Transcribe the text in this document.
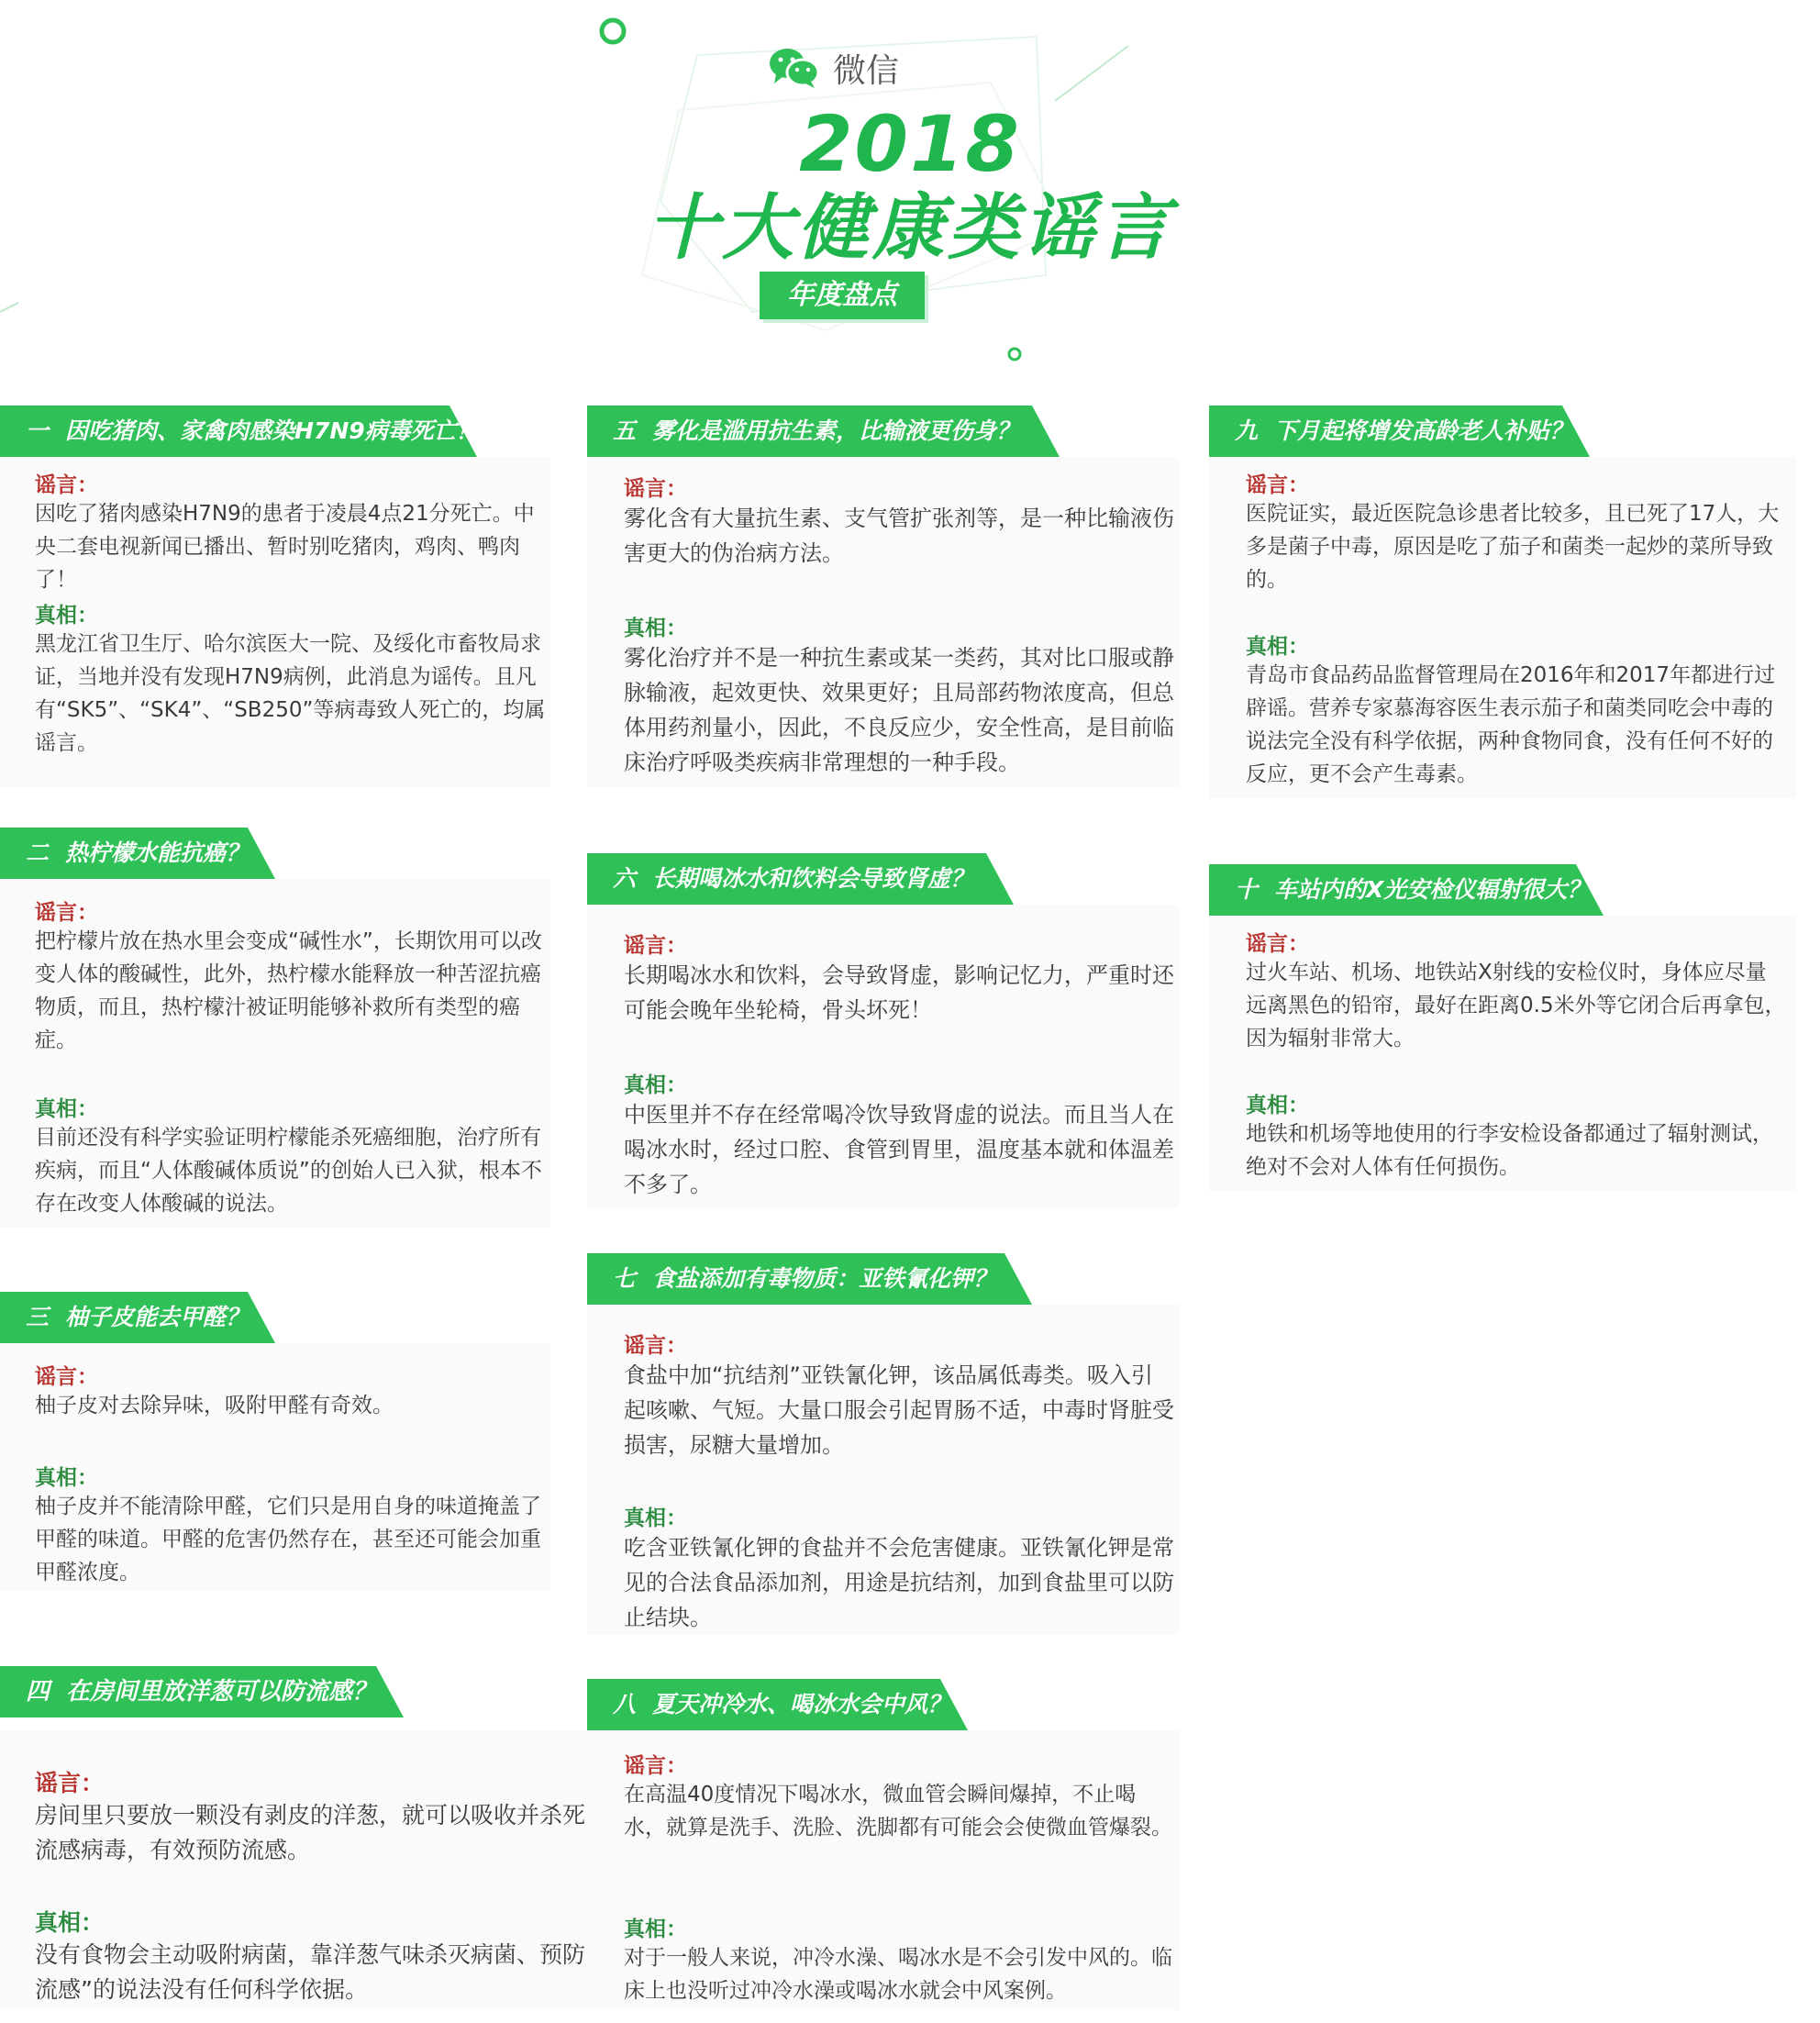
微信
2018
十大健康类谣言
年度盘点
一 因吃猪肉、家禽肉感染H7N9病毒死亡？
谣言：
因吃了猪肉感染H7N9的患者于凌晨4点21分死亡。中央二套电视新闻已播出、暂时别吃猪肉，鸡肉、鸭肉了！
真相：
黑龙江省卫生厅、哈尔滨医大一院、及绥化市畜牧局求证，当地并没有发现H7N9病例，此消息为谣传。且凡有“SK5”、“SK4”、“SB250”等病毒致人死亡的，均属谣言。
二 热柠檬水能抗癌？
谣言：
把柠檬片放在热水里会变成“碱性水”，长期饮用可以改变人体的酸碱性，此外，热柠檬水能释放一种苦涩抗癌物质，而且，热柠檬汁被证明能够补救所有类型的癌症。
真相：
目前还没有科学实验证明柠檬能杀死癌细胞，治疗所有疾病，而且“人体酸碱体质说”的创始人已入狱，根本不存在改变人体酸碱的说法。
三 柚子皮能去甲醛？
谣言：
柚子皮对去除异味，吸附甲醛有奇效。
真相：
柚子皮并不能清除甲醛，它们只是用自身的味道掩盖了甲醛的味道。甲醛的危害仍然存在，甚至还可能会加重甲醛浓度。
四 在房间里放洋葱可以防流感？
谣言：
房间里只要放一颗没有剥皮的洋葱，就可以吸收并杀死流感病毒，有效预防流感。
真相：
没有食物会主动吸附病菌，靠洋葱气味杀灭病菌、预防流感”的说法没有任何科学依据。
五 雾化是滥用抗生素，比输液更伤身？
谣言：
雾化含有大量抗生素、支气管扩张剂等，是一种比输液伤害更大的伪治病方法。
真相：
雾化治疗并不是一种抗生素或某一类药，其对比口服或静脉输液，起效更快、效果更好；且局部药物浓度高，但总体用药剂量小，因此，不良反应少，安全性高，是目前临床治疗呼吸类疾病非常理想的一种手段。
六 长期喝冰水和饮料会导致肾虚？
谣言：
长期喝冰水和饮料，会导致肾虚，影响记忆力，严重时还可能会晚年坐轮椅，骨头坏死！
真相：
中医里并不存在经常喝冷饮导致肾虚的说法。而且当人在喝冰水时，经过口腔、食管到胃里，温度基本就和体温差不多了。
七 食盐添加有毒物质：亚铁氰化钾？
谣言：
食盐中加“抗结剂”亚铁氰化钾，该品属低毒类。吸入引起咳嗽、气短。大量口服会引起胃肠不适，中毒时肾脏受损害，尿糖大量增加。
真相：
吃含亚铁氰化钾的食盐并不会危害健康。亚铁氰化钾是常见的合法食品添加剂，用途是抗结剂，加到食盐里可以防止结块。
八 夏天冲冷水、喝冰水会中风？
谣言：
在高温40度情况下喝冰水，微血管会瞬间爆掉，不止喝水，就算是洗手、洗脸、洗脚都有可能会会使微血管爆裂。
真相：
对于一般人来说，冲冷水澡、喝冰水是不会引发中风的。临床上也没听过冲冷水澡或喝冰水就会中风案例。
九 下月起将增发高龄老人补贴？
谣言：
医院证实，最近医院急诊患者比较多，且已死了17人，大多是菌子中毒，原因是吃了茄子和菌类一起炒的菜所导致的。
真相：
青岛市食品药品监督管理局在2016年和2017年都进行过辟谣。营养专家慕海容医生表示茄子和菌类同吃会中毒的说法完全没有科学依据，两种食物同食，没有任何不好的反应，更不会产生毒素。
十 车站内的X光安检仪辐射很大？
谣言：
过火车站、机场、地铁站X射线的安检仪时，身体应尽量远离黑色的铅帘，最好在距离0.5米外等它闭合后再拿包，因为辐射非常大。
真相：
地铁和机场等地使用的行李安检设备都通过了辐射测试，绝对不会对人体有任何损伤。
